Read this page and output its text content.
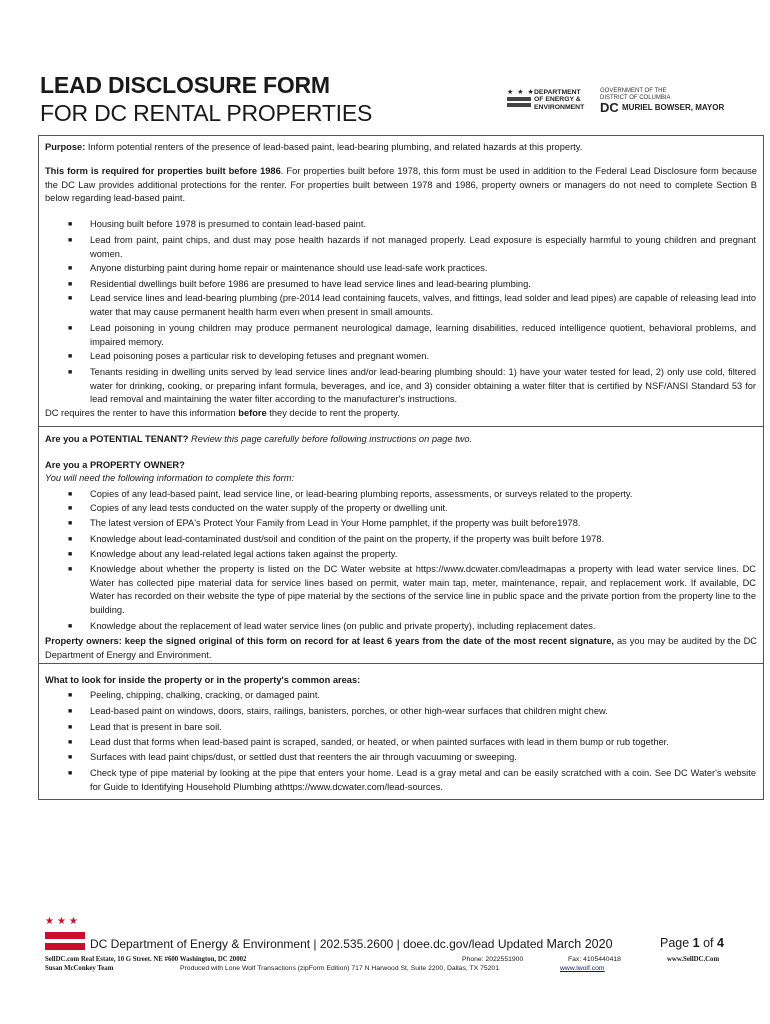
LEAD DISCLOSURE FORM
FOR DC RENTAL PROPERTIES
★ ★ ★ DEPARTMENT
OF ENERGY &
ENVIRONMENT
GOVERNMENT OF THE
DISTRICT OF COLUMBIA
DC MURIEL BOWSER, MAYOR
Purpose: Inform potential renters of the presence of lead-based paint, lead-bearing plumbing, and related hazards at this property.
This form is required for properties built before 1986. For properties built before 1978, this form must be used in addition to the Federal Lead Disclosure form because the DC Law provides additional protections for the renter. For properties built between 1978 and 1986, property owners or managers do not need to complete Section B below regarding lead-based paint.
■ Housing built before 1978 is presumed to contain lead-based paint.
■ Lead from paint, paint chips, and dust may pose health hazards if not managed properly. Lead exposure is especially harmful to young children and pregnant women.
■ Anyone disturbing paint during home repair or maintenance should use lead-safe work practices.
■ Residential dwellings built before 1986 are presumed to have lead service lines and lead-bearing plumbing.
■ Lead service lines and lead-bearing plumbing (pre-2014 lead containing faucets, valves, and fittings, lead solder and lead pipes) are capable of releasing lead into water that may cause permanent health harm even when present in small amounts.
■ Lead poisoning in young children may produce permanent neurological damage, learning disabilities, reduced intelligence quotient, behavioral problems, and impaired memory.
■ Lead poisoning poses a particular risk to developing fetuses and pregnant women.
■ Tenants residing in dwelling units served by lead service lines and/or lead-bearing plumbing should: 1) have your water tested for lead, 2) only use cold, filtered water for drinking, cooking, or preparing infant formula, beverages, and ice, and 3) consider obtaining a water filter that is certified by NSF/ANSI Standard 53 for lead removal and maintaining the water filter according to the manufacturer's instructions.
DC requires the renter to have this information before they decide to rent the property.
Are you a POTENTIAL TENANT? Review this page carefully before following instructions on page two.
Are you a PROPERTY OWNER?
You will need the following information to complete this form:
■ Copies of any lead-based paint, lead service line, or lead-bearing plumbing reports, assessments, or surveys related to the property.
■ Copies of any lead tests conducted on the water supply of the property or dwelling unit.
■ The latest version of EPA's Protect Your Family from Lead in Your Home pamphlet, if the property was built before1978.
■ Knowledge about lead-contaminated dust/soil and condition of the paint on the property, if the property was built before 1978.
■ Knowledge about any lead-related legal actions taken against the property.
■ Knowledge about whether the property is listed on the DC Water website at https://www.dcwater.com/leadmapas a property with lead water service lines. DC Water has collected pipe material data for service lines based on permit, water main tap, meter, maintenance, repair, and replacement work. If available, DC Water has recorded on their website the type of pipe material by the sections of the service line in public space and the private portion from the property line to the building.
■ Knowledge about the replacement of lead water service lines (on public and private property), including replacement dates.
Property owners: keep the signed original of this form on record for at least 6 years from the date of the most recent signature, as you may be audited by the DC Department of Energy and Environment.
What to look for inside the property or in the property's common areas:
■ Peeling, chipping, chalking, cracking, or damaged paint.
■ Lead-based paint on windows, doors, stairs, railings, banisters, porches, or other high-wear surfaces that children might chew.
■ Lead that is present in bare soil.
■ Lead dust that forms when lead-based paint is scraped, sanded, or heated, or when painted surfaces with lead in them bump or rub together.
■ Surfaces with lead paint chips/dust, or settled dust that reenters the air through vacuuming or sweeping.
■ Check type of pipe material by looking at the pipe that enters your home. Lead is a gray metal and can be easily scratched with a coin. See DC Water's website for Guide to Identifying Household Plumbing athttps://www.dcwater.com/lead-sources.
★★★
DC Department of Energy & Environment | 202.535.2600 | doee.dc.gov/lead Updated March 2020	Page 1 of 4
SellDC.com Real Estate, 10 G Street. NE #600 Washington, DC 20002
Susan McConkey Team
Phone: 2022551900	Fax: 4105440418	www.SellDC.Com
Produced with Lone Wolf Transactions (zipForm Edition) 717 N Harwood St, Suite 2200, Dallas, TX 75201	www.lwolf.com
